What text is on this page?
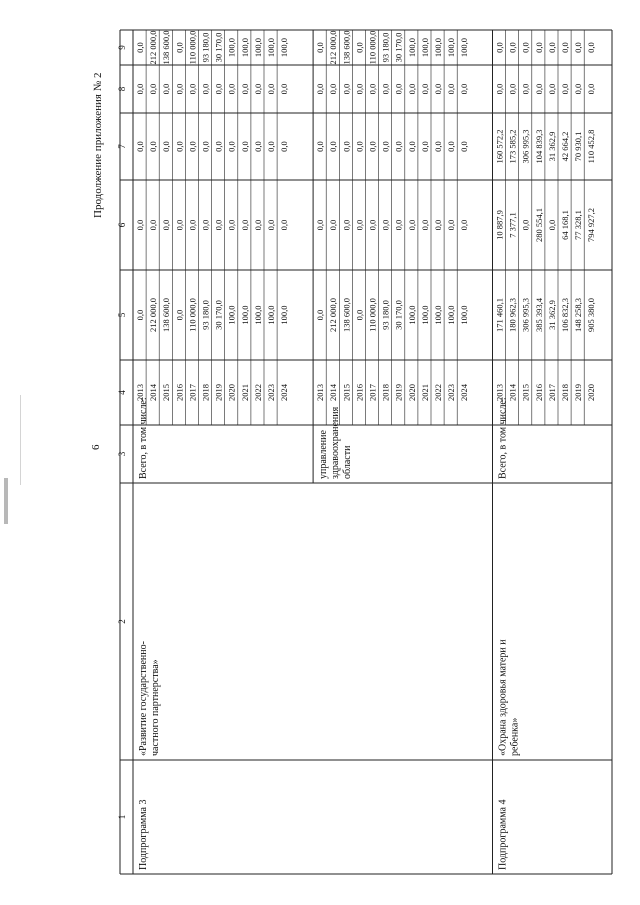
6
Продолжение приложения № 2
1
2
3
4
5
6
7
8
9
Подпрограмма 3
«Развитие государственно- частного партнерства»
Всего, в том числе:
2013
0,0
0,0
0,0
0,0
0,0
2014
212 000,0
0,0
0,0
0,0
212 000,0
2015
138 600,0
0,0
0,0
0,0
138 600,0
2016
0,0
0,0
0,0
0,0
0,0
2017
110 000,0
0,0
0,0
0,0
110 000,0
2018
93 180,0
0,0
0,0
0,0
93 180,0
2019
30 170,0
0,0
0,0
0,0
30 170,0
2020
100,0
0,0
0,0
0,0
100,0
2021
100,0
0,0
0,0
0,0
100,0
2022
100,0
0,0
0,0
0,0
100,0
2023
100,0
0,0
0,0
0,0
100,0
2024
100,0
0,0
0,0
0,0
100,0
управление здравоохранения области
2013
0,0
0,0
0,0
0,0
0,0
2014
212 000,0
0,0
0,0
0,0
212 000,0
2015
138 600,0
0,0
0,0
0,0
138 600,0
2016
0,0
0,0
0,0
0,0
0,0
2017
110 000,0
0,0
0,0
0,0
110 000,0
2018
93 180,0
0,0
0,0
0,0
93 180,0
2019
30 170,0
0,0
0,0
0,0
30 170,0
2020
100,0
0,0
0,0
0,0
100,0
2021
100,0
0,0
0,0
0,0
100,0
2022
100,0
0,0
0,0
0,0
100,0
2023
100,0
0,0
0,0
0,0
100,0
2024
100,0
0,0
0,0
0,0
100,0
Подпрограмма 4
«Охрана здоровья матери и ребенка»
Всего, в том числе:
2013
171 460,1
10 887,9
160 572,2
0,0
0,0
2014
180 962,3
7 377,1
173 585,2
0,0
0,0
2015
306 995,3
0,0
306 995,3
0,0
0,0
2016
385 393,4
280 554,1
104 839,3
0,0
0,0
2017
31 362,9
0,0
31 362,9
0,0
0,0
2018
106 832,3
64 168,1
42 664,2
0,0
0,0
2019
148 258,3
77 328,1
70 930,1
0,0
0,0
2020
905 380,0
794 927,2
110 452,8
0,0
0,0
